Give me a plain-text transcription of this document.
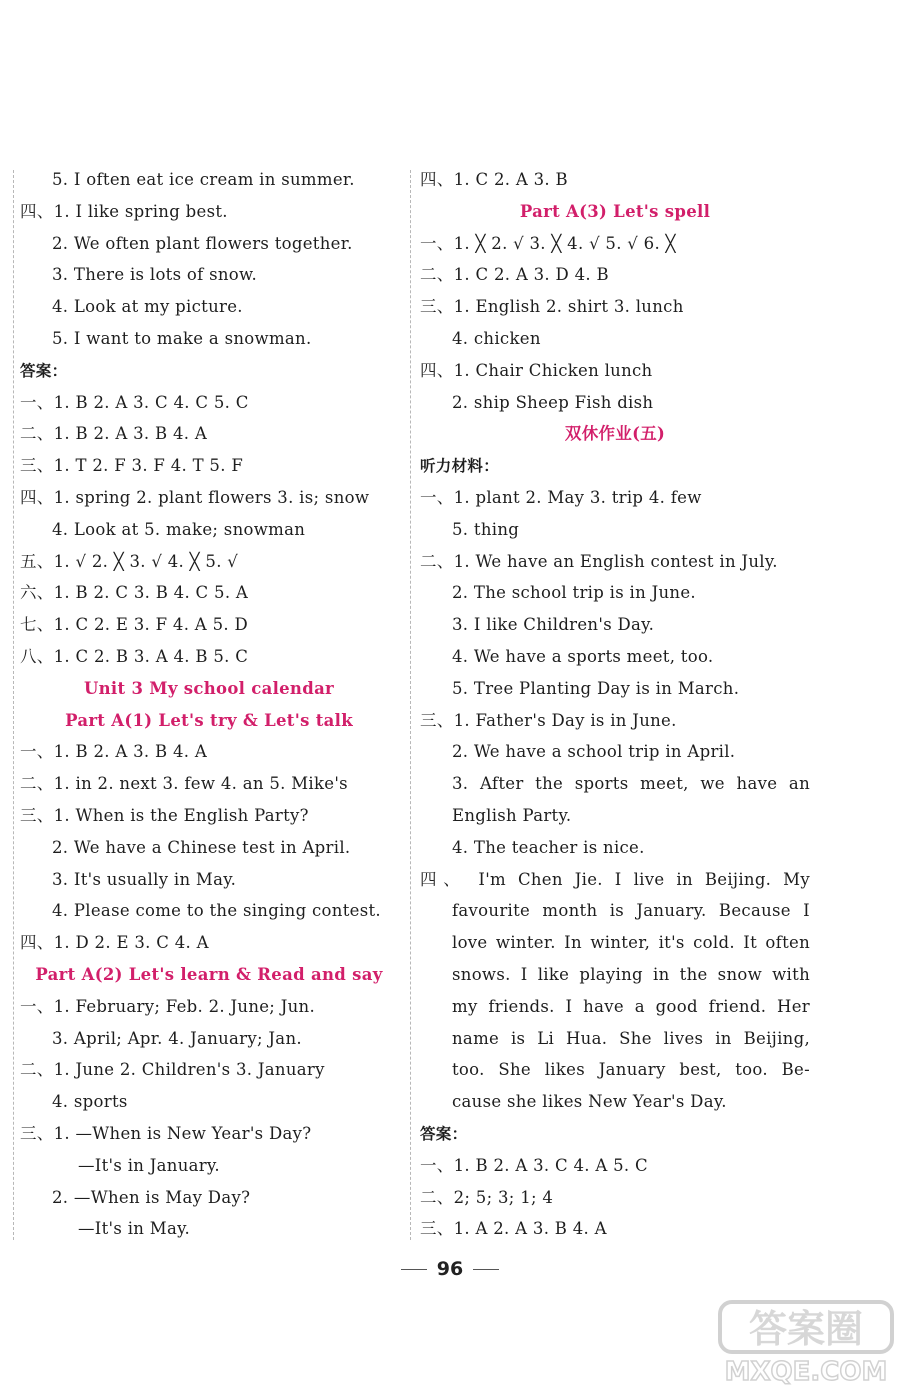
5. I often eat ice cream in summer.
四、1. I like spring best.
2. We often plant flowers together.
3. There is lots of snow.
4. Look at my picture.
5. I want to make a snowman.
答案：
一、1. B 2. A 3. C 4. C 5. C
二、1. B 2. A 3. B 4. A
三、1. T 2. F 3. F 4. T 5. F
四、1. spring 2. plant flowers 3. is; snow
4. Look at 5. make; snowman
五、1. √ 2. ╳ 3. √ 4. ╳ 5. √
六、1. B 2. C 3. B 4. C 5. A
七、1. C 2. E 3. F 4. A 5. D
八、1. C 2. B 3. A 4. B 5. C
Unit 3 My school calendar
Part A(1) Let's try & Let's talk
一、1. B 2. A 3. B 4. A
二、1. in 2. next 3. few 4. an 5. Mike's
三、1. When is the English Party?
2. We have a Chinese test in April.
3. It's usually in May.
4. Please come to the singing contest.
四、1. D 2. E 3. C 4. A
Part A(2) Let's learn & Read and say
一、1. February; Feb. 2. June; Jun.
3. April; Apr. 4. January; Jan.
二、1. June 2. Children's 3. January
4. sports
三、1. —When is New Year's Day?
—It's in January.
2. —When is May Day?
—It's in May.
四、1. C 2. A 3. B
Part A(3) Let's spell
一、1. ╳ 2. √ 3. ╳ 4. √ 5. √ 6. ╳
二、1. C 2. A 3. D 4. B
三、1. English 2. shirt 3. lunch
4. chicken
四、1. Chair Chicken lunch
2. ship Sheep Fish dish
双休作业(五)
听力材料：
一、1. plant 2. May 3. trip 4. few
5. thing
二、1. We have an English contest in July.
2. The school trip is in June.
3. I like Children's Day.
4. We have a sports meet, too.
5. Tree Planting Day is in March.
三、1. Father's Day is in June.
2. We have a school trip in April.
3. After the sports meet, we have an
English Party.
4. The teacher is nice.
四、 I'm Chen Jie. I live in Beijing. My
favourite month is January. Because I
love winter. In winter, it's cold. It often
snows. I like playing in the snow with
my friends. I have a good friend. Her
name is Li Hua. She lives in Beijing,
too. She likes January best, too. Be-
cause she likes New Year's Day.
答案：
一、1. B 2. A 3. C 4. A 5. C
二、2; 5; 3; 1; 4
三、1. A 2. A 3. B 4. A
96
答案圈
MXQE.COM
